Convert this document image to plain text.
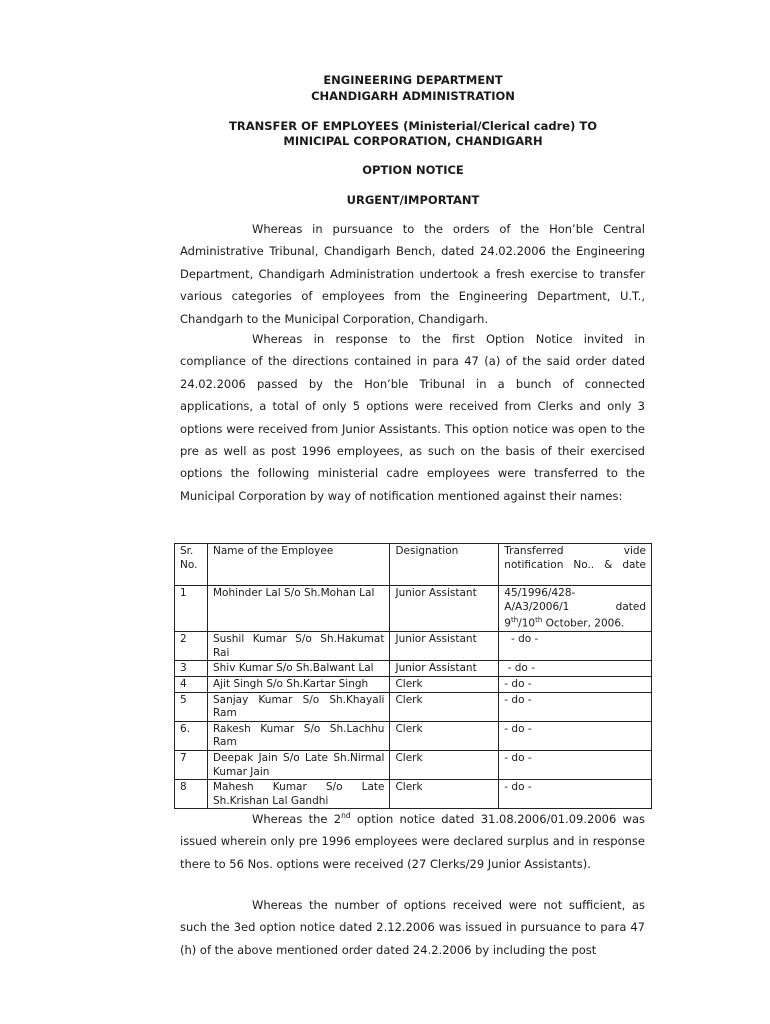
ENGINEERING DEPARTMENT
CHANDIGARH ADMINISTRATION
TRANSFER OF EMPLOYEES (Ministerial/Clerical cadre) TO
MINICIPAL CORPORATION, CHANDIGARH
OPTION NOTICE
URGENT/IMPORTANT

Whereas in pursuance to the orders of the Hon’ble Central Administrative Tribunal, Chandigarh Bench, dated 24.02.2006 the Engineering Department, Chandigarh Administration undertook a fresh exercise to transfer various categories of employees from the Engineering Department, U.T., Chandgarh to the Municipal Corporation, Chandigarh.

Whereas in response to the first Option Notice invited in compliance of the directions contained in para 47 (a) of the said order dated 24.02.2006 passed by the Hon’ble Tribunal in a bunch of connected applications, a total of only 5 options were received from Clerks and only 3 options were received from Junior Assistants. This option notice was open to the pre as well as post 1996 employees, as such on the basis of their exercised options the following ministerial cadre employees were transferred to the Municipal Corporation by way of notification mentioned against their names:

Sr. No.	Name of the Employee	Designation	Transferred vide notification No.. & date
1	Mohinder Lal S/o Sh.Mohan Lal	Junior Assistant	45/1996/428-
A/A3/2006/1 dated
9th/10th October, 2006.

2	Sushil Kumar S/o Sh.Hakumat Rai	Junior Assistant	- do -
3	Shiv Kumar S/o Sh.Balwant Lal	Junior Assistant	- do -
4	Ajit Singh S/o Sh.Kartar Singh	Clerk	- do -
5	Sanjay Kumar S/o Sh.Khayali Ram	Clerk	- do -
6.	Rakesh Kumar S/o Sh.Lachhu Ram	Clerk	- do -
7	Deepak Jain S/o Late Sh.Nirmal Kumar Jain	Clerk	- do -
8	Mahesh Kumar S/o Late Sh.Krishan Lal Gandhi	Clerk	- do -

Whereas the 2nd option notice dated 31.08.2006/01.09.2006 was issued wherein only pre 1996 employees were declared surplus and in response there to 56 Nos. options were received (27 Clerks/29 Junior Assistants).

Whereas the number of options received were not sufficient, as such the 3ed option notice dated 2.12.2006 was issued in pursuance to para 47 (h) of the above mentioned order dated 24.2.2006 by including the post
